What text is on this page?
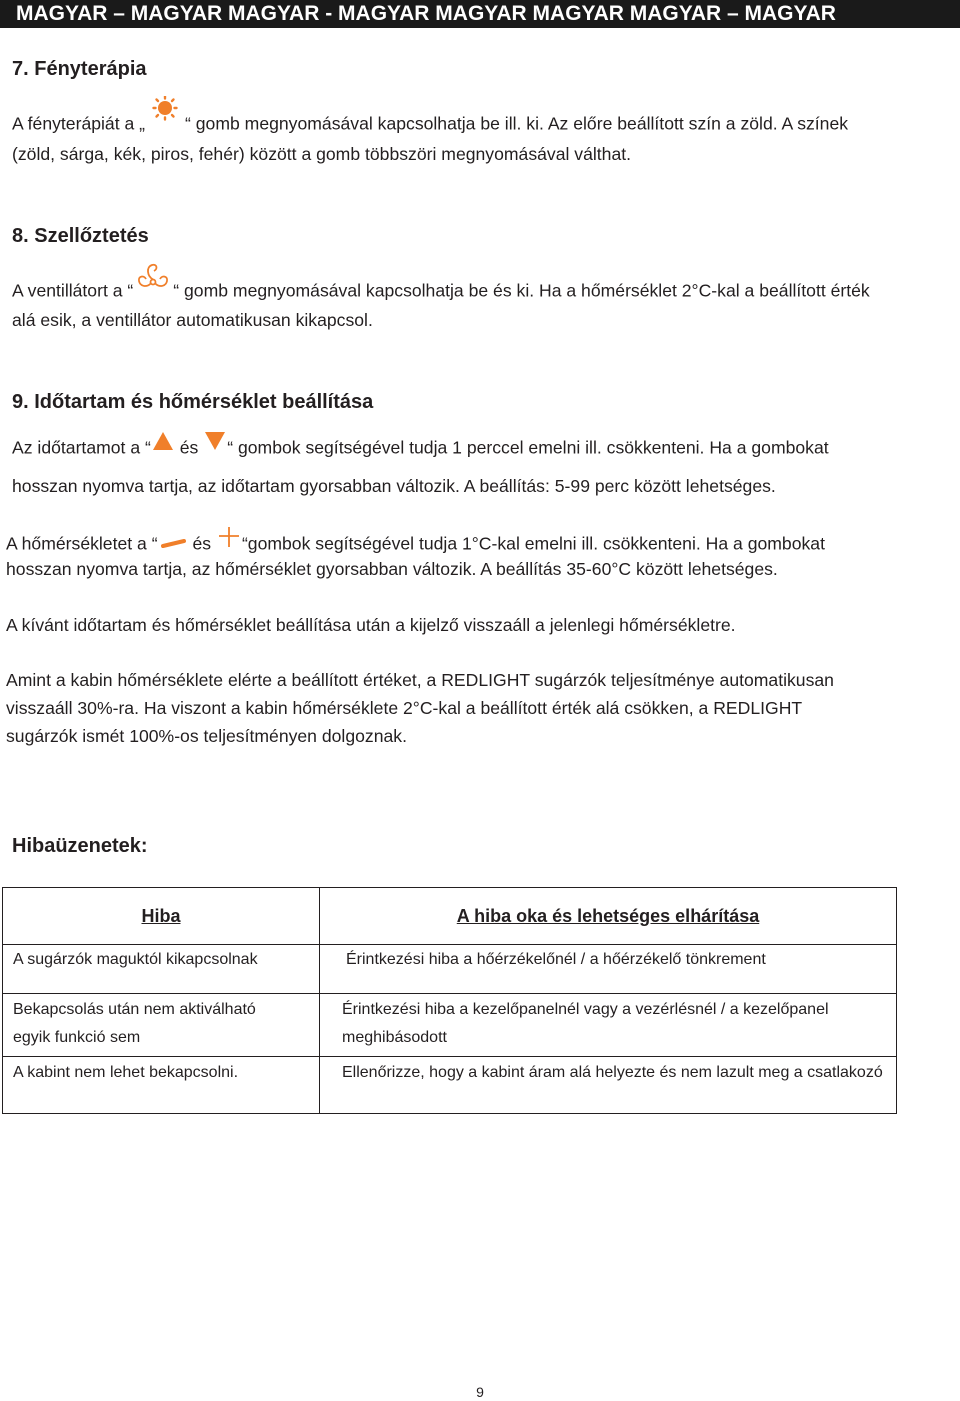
MAGYAR – MAGYAR MAGYAR - MAGYAR MAGYAR MAGYAR MAGYAR – MAGYAR
7. Fényterápia
A fényterápiát a „ “ gomb megnyomásával kapcsolhatja be ill. ki. Az előre beállított szín a zöld. A színek
(zöld, sárga, kék, piros, fehér) között a gomb többszöri megnyomásával válthat.
8. Szellőztetés
A ventillátort a “ “ gomb megnyomásával kapcsolhatja be és ki. Ha a hőmérséklet 2°C-kal a beállított érték
alá esik, a ventillátor automatikusan kikapcsol.
9. Időtartam és hőmérséklet beállítása
Az időtartamot a “ és “ gombok segítségével tudja 1 perccel emelni ill. csökkenteni. Ha a gombokat
hosszan nyomva tartja, az időtartam gyorsabban változik. A beállítás: 5-99 perc között lehetséges.
A hőmérsékletet a “ és “gombok segítségével tudja 1°C-kal emelni ill. csökkenteni. Ha a gombokat
hosszan nyomva tartja, az hőmérséklet gyorsabban változik. A beállítás 35-60°C között lehetséges.
A kívánt időtartam és hőmérséklet beállítása után a kijelző visszaáll a jelenlegi hőmérsékletre.
Amint a kabin hőmérséklete elérte a beállított értéket, a REDLIGHT sugárzók teljesítménye automatikusan
visszaáll 30%-ra. Ha viszont a kabin hőmérséklete 2°C-kal a beállított érték alá csökken, a REDLIGHT
sugárzók ismét 100%-os teljesítményen dolgoznak.
Hibaüzenetek:
Hiba	A hiba oka és lehetséges elhárítása

A sugárzók maguktól kikapcsolnak	Érintkezési hiba a hőérzékelőnél / a hőérzékelő tönkrement

Bekapcsolás után nem aktiválható egyik funkció sem	Érintkezési hiba a kezelőpanelnél vagy a vezérlésnél / a kezelőpanel meghibásodott

A kabint nem lehet bekapcsolni.	Ellenőrizze, hogy a kabint áram alá helyezte és nem lazult meg a csatlakozó
9
